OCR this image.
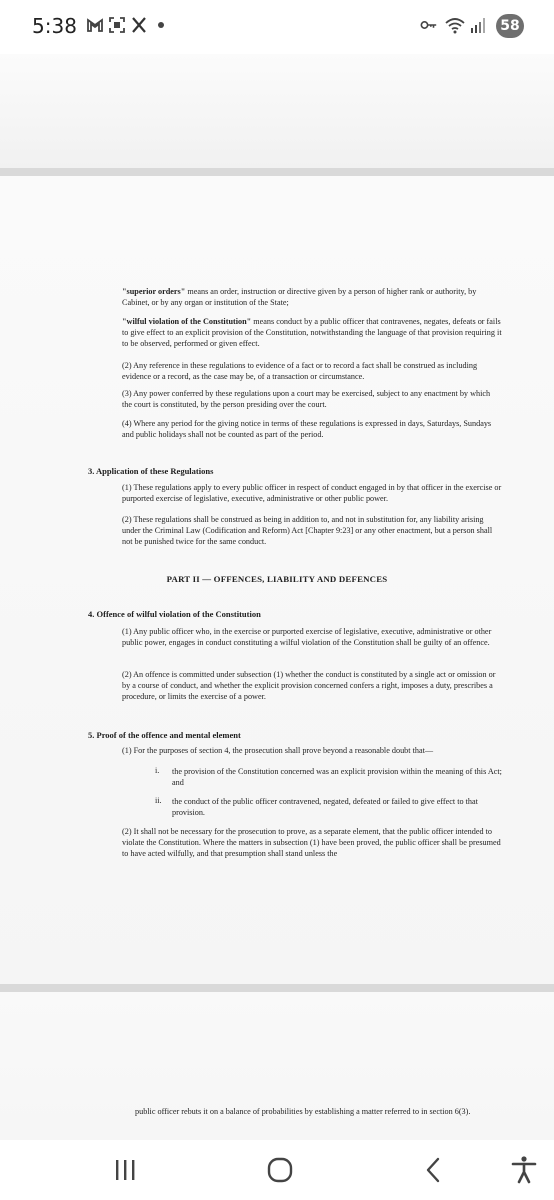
5:38	58
"superior orders" means an order, instruction or directive given by a person of higher rank or authority, by Cabinet, or by any organ or institution of the State;
"wilful violation of the Constitution" means conduct by a public officer that contravenes, negates, defeats or fails to give effect to an explicit provision of the Constitution, notwithstanding the language of that provision requiring it to be observed, performed or given effect.
(2) Any reference in these regulations to evidence of a fact or to record a fact shall be construed as including evidence or a record, as the case may be, of a transaction or circumstance.
(3) Any power conferred by these regulations upon a court may be exercised, subject to any enactment by which the court is constituted, by the person presiding over the court.
(4) Where any period for the giving notice in terms of these regulations is expressed in days, Saturdays, Sundays and public holidays shall not be counted as part of the period.
3. Application of these Regulations
(1) These regulations apply to every public officer in respect of conduct engaged in by that officer in the exercise or purported exercise of legislative, executive, administrative or other public power.
(2) These regulations shall be construed as being in addition to, and not in substitution for, any liability arising under the Criminal Law (Codification and Reform) Act [Chapter 9:23] or any other enactment, but a person shall not be punished twice for the same conduct.
PART II — OFFENCES, LIABILITY AND DEFENCES
4. Offence of wilful violation of the Constitution
(1) Any public officer who, in the exercise or purported exercise of legislative, executive, administrative or other public power, engages in conduct constituting a wilful violation of the Constitution shall be guilty of an offence.
(2) An offence is committed under subsection (1) whether the conduct is constituted by a single act or omission or by a course of conduct, and whether the explicit provision concerned confers a right, imposes a duty, prescribes a procedure, or limits the exercise of a power.
5. Proof of the offence and mental element
(1) For the purposes of section 4, the prosecution shall prove beyond a reasonable doubt that—
i.	the provision of the Constitution concerned was an explicit provision within the meaning of this Act; and
ii.	the conduct of the public officer contravened, negated, defeated or failed to give effect to that provision.
(2) It shall not be necessary for the prosecution to prove, as a separate element, that the public officer intended to violate the Constitution. Where the matters in subsection (1) have been proved, the public officer shall be presumed to have acted wilfully, and that presumption shall stand unless the
public officer rebuts it on a balance of probabilities by establishing a matter referred to in section 6(3).
